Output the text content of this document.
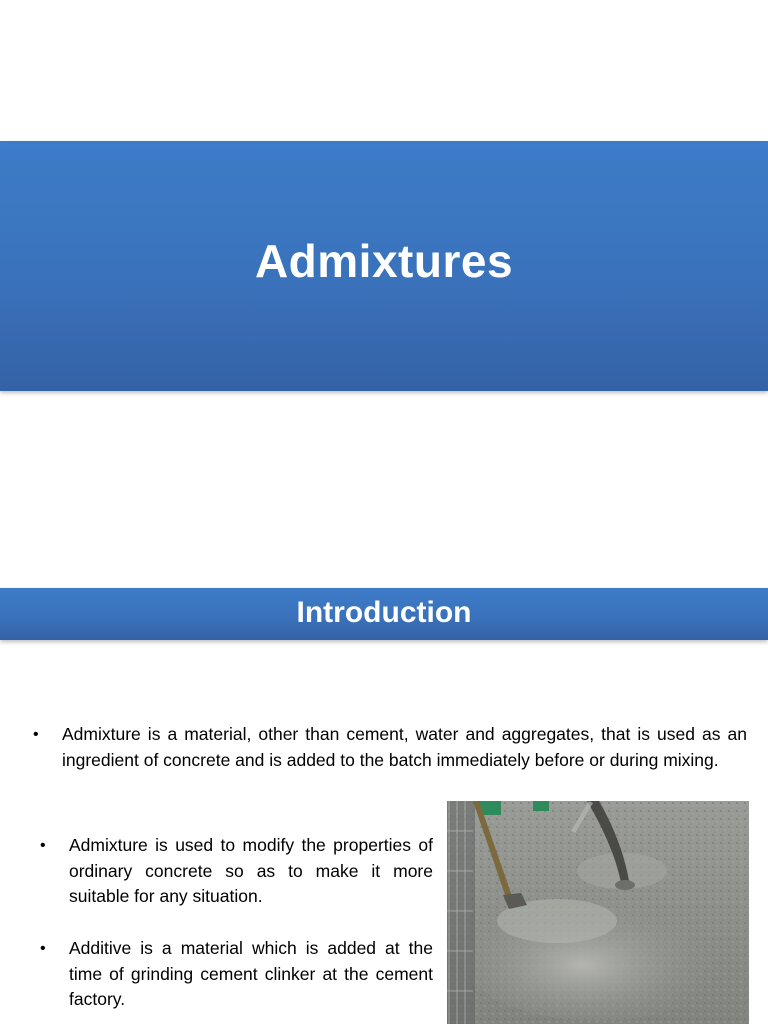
Admixtures
Introduction
• Admixture is a material, other than cement, water and aggregates, that is used as an ingredient of concrete and is added to the batch immediately before or during mixing.
• Admixture is used to modify the properties of ordinary concrete so as to make it more suitable for any situation.
• Additive is a material which is added at the time of grinding cement clinker at the cement factory.
